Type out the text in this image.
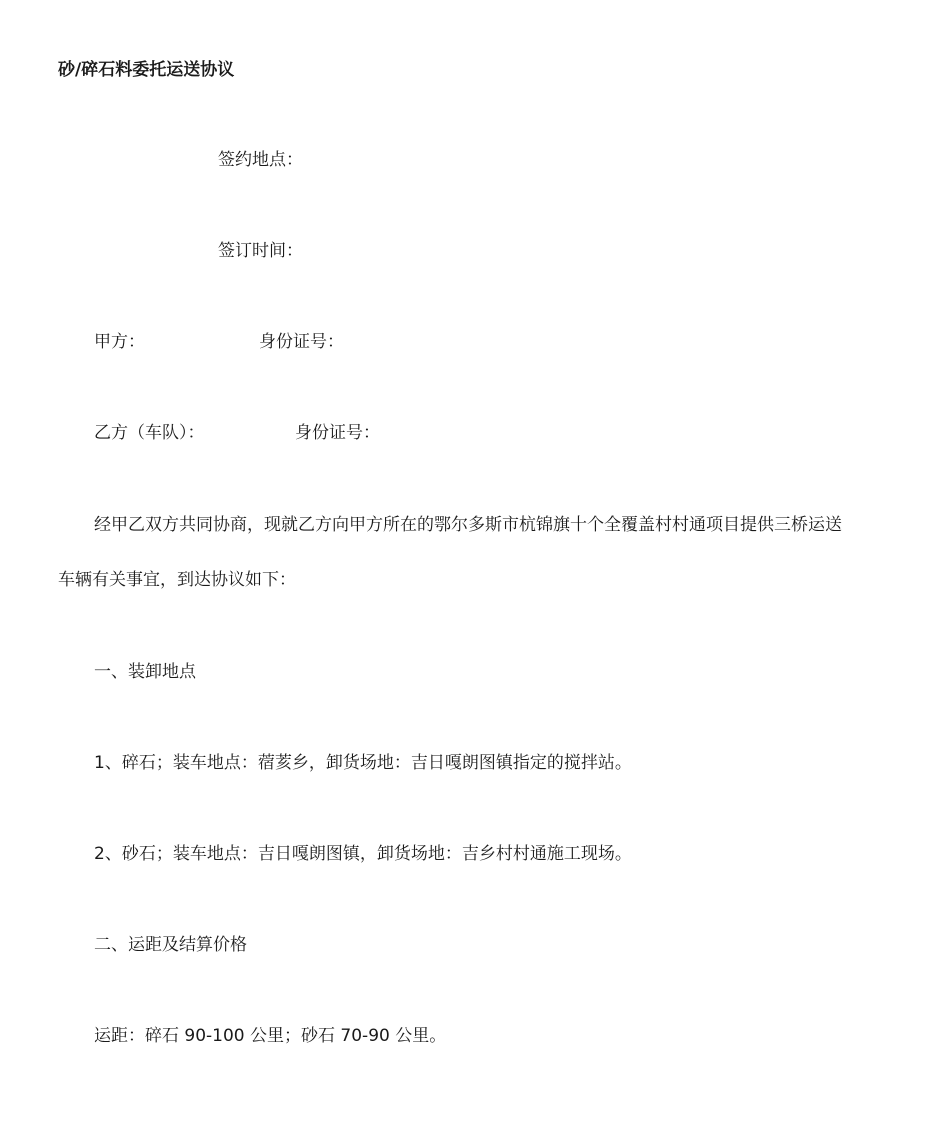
砂/碎石料委托运送协议
签约地点：
签订时间：
甲方：	身份证号：
乙方（车队）：	身份证号：
经甲乙双方共同协商，现就乙方向甲方所在的鄂尔多斯市杭锦旗十个全覆盖村村通项目提供三桥运送
车辆有关事宜，到达协议如下：
一、装卸地点
1、碎石；装车地点：蓿荄乡，卸货场地：吉日嘎朗图镇指定的搅拌站。
2、砂石；装车地点：吉日嘎朗图镇，卸货场地：吉乡村村通施工现场。
二、运距及结算价格
运距：碎石 90-100 公里；砂石 70-90 公里。
